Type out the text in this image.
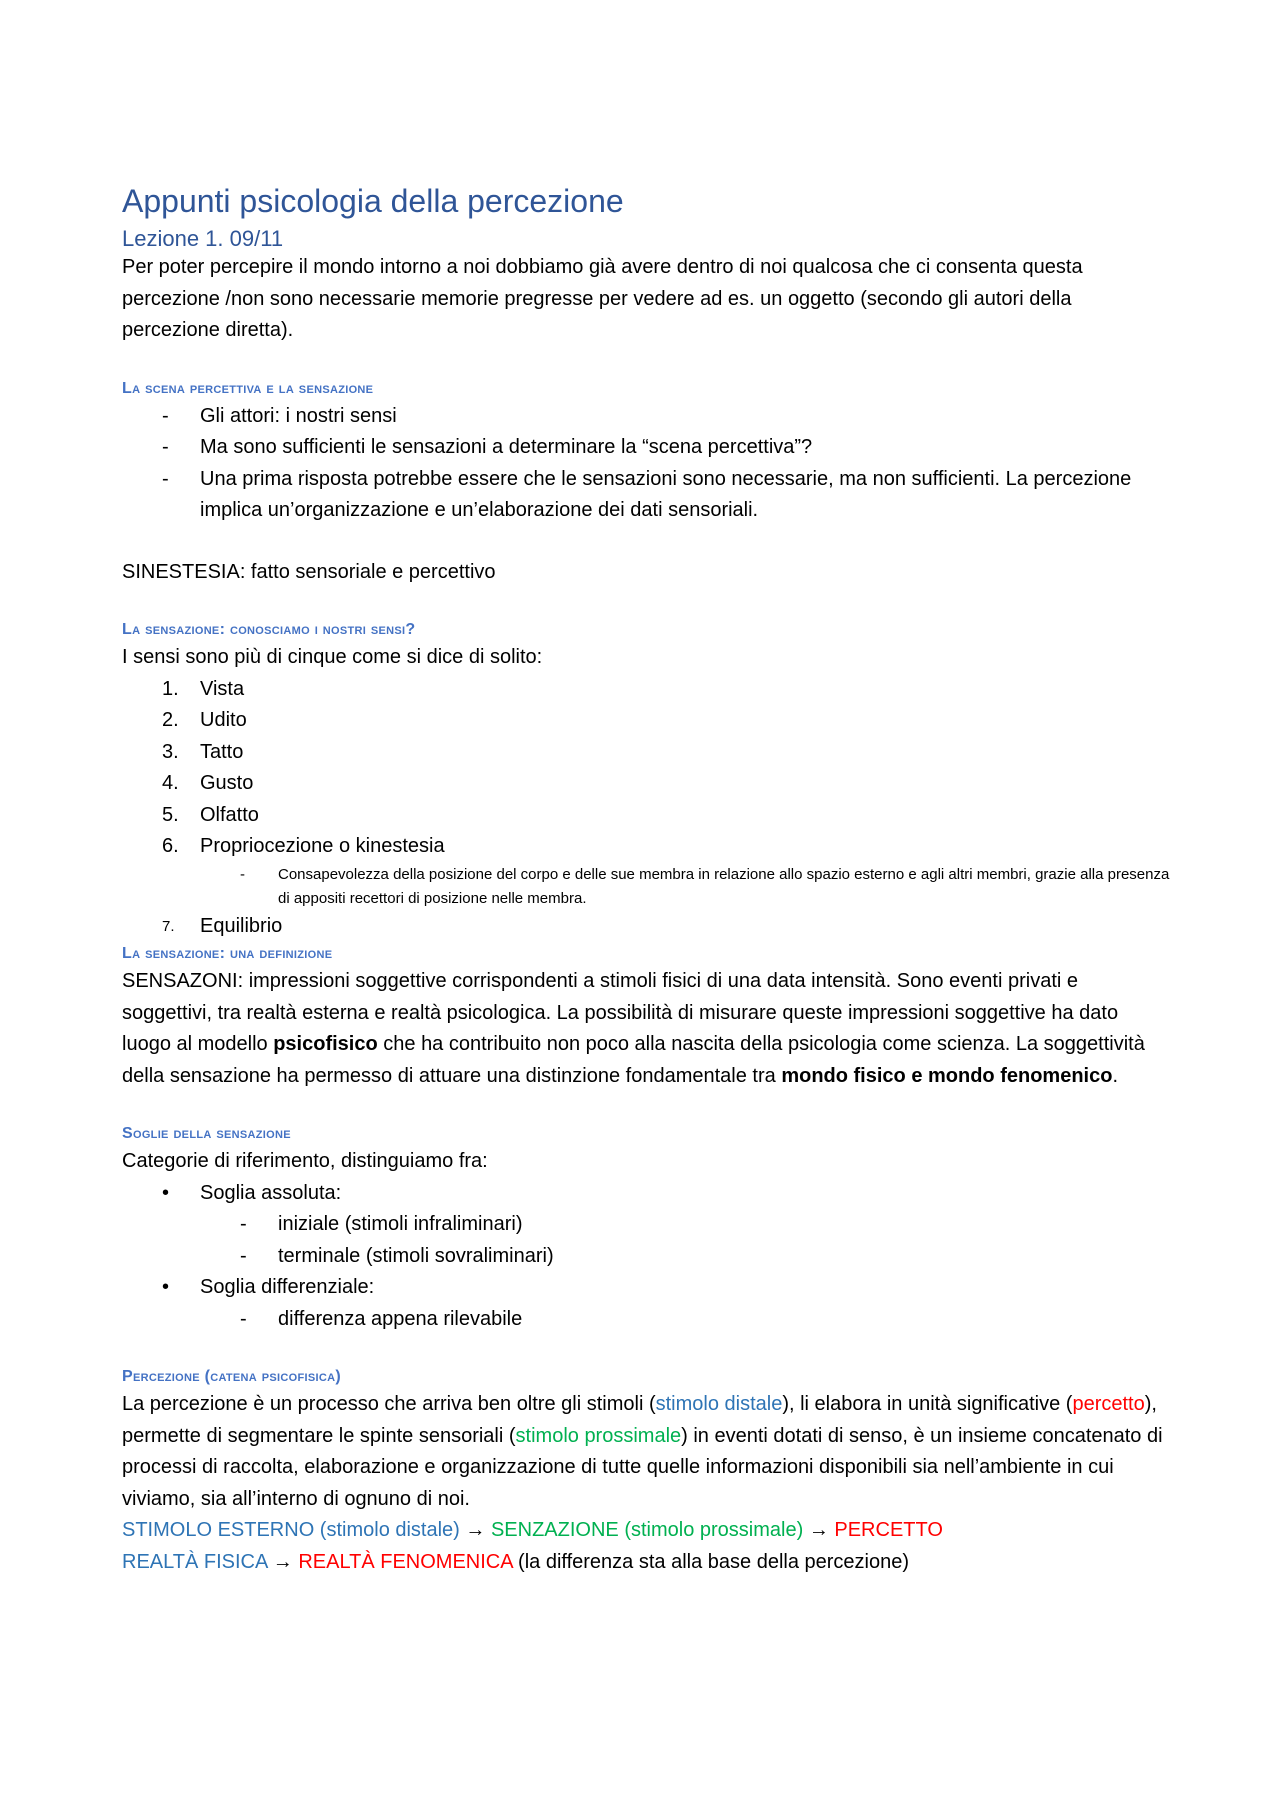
Appunti psicologia della percezione
Lezione 1. 09/11

Per poter percepire il mondo intorno a noi dobbiamo già avere dentro di noi qualcosa che ci consenta questa percezione /non sono necessarie memorie pregresse per vedere ad es. un oggetto (secondo gli autori della percezione diretta).

La scena percettiva e la sensazione
- Gli attori: i nostri sensi
- Ma sono sufficienti le sensazioni a determinare la “scena percettiva”?
- Una prima risposta potrebbe essere che le sensazioni sono necessarie, ma non sufficienti. La percezione implica un’organizzazione e un’elaborazione dei dati sensoriali.

SINESTESIA: fatto sensoriale e percettivo

La sensazione: conosciamo i nostri sensi?

I sensi sono più di cinque come si dice di solito:

1. Vista
2. Udito
3. Tatto
4. Gusto
5. Olfatto
6. Propriocezione o kinestesia
- Consapevolezza della posizione del corpo e delle sue membra in relazione allo spazio esterno e agli altri membri, grazie alla presenza di appositi recettori di posizione nelle membra.
7. Equilibrio
La sensazione: una definizione

SENSAZONI: impressioni soggettive corrispondenti a stimoli fisici di una data intensità. Sono eventi privati e soggettivi, tra realtà esterna e realtà psicologica. La possibilità di misurare queste impressioni soggettive ha dato luogo al modello psicofisico che ha contribuito non poco alla nascita della psicologia come scienza. La soggettività della sensazione ha permesso di attuare una distinzione fondamentale tra mondo fisico e mondo fenomenico.

Soglie della sensazione

Categorie di riferimento, distinguiamo fra:

• Soglia assoluta:
- iniziale (stimoli infraliminari)
- terminale (stimoli sovraliminari)
• Soglia differenziale:
- differenza appena rilevabile
Percezione (catena psicofisica)

La percezione è un processo che arriva ben oltre gli stimoli (stimolo distale), li elabora in unità significative (percetto), permette di segmentare le spinte sensoriali (stimolo prossimale) in eventi dotati di senso, è un insieme concatenato di processi di raccolta, elaborazione e organizzazione di tutte quelle informazioni disponibili sia nell’ambiente in cui viviamo, sia all’interno di ognuno di noi.

STIMOLO ESTERNO (stimolo distale) → SENZAZIONE (stimolo prossimale) → PERCETTO

REALTÀ FISICA → REALTÀ FENOMENICA (la differenza sta alla base della percezione)
